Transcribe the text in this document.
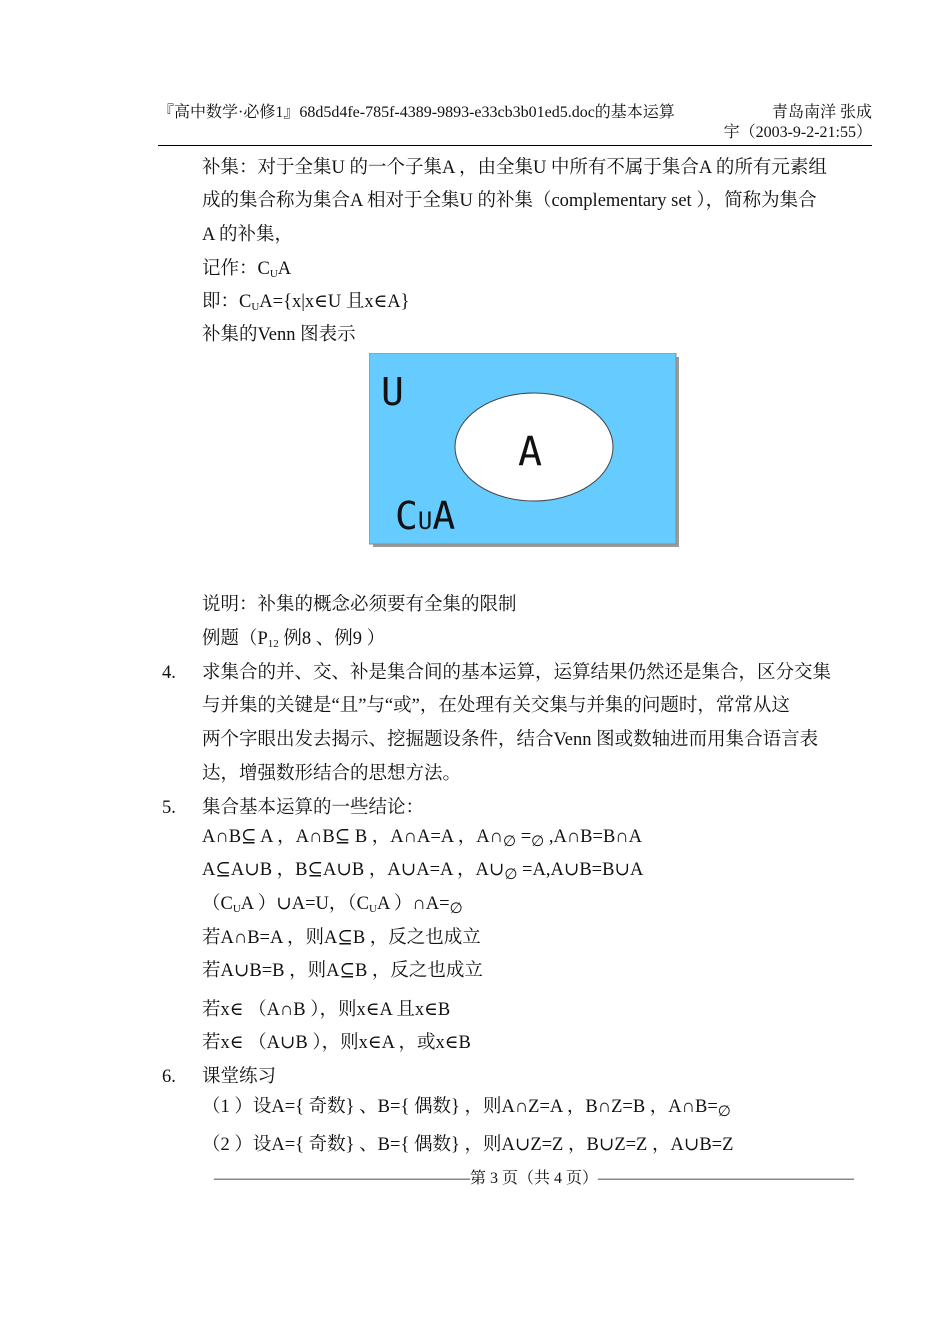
『高中数学·必修1』68d5d4fe-785f-4389-9893-e33cb3b01ed5.doc的基本运算	青岛南洋 张成
宇（2003-9-2-21:55）
补集：对于全集U 的一个子集A ，由全集U 中所有不属于集合A 的所有元素组
成的集合称为集合A 相对于全集U 的补集（complementary set ），简称为集合
A 的补集，
记作：$C_UA$
即：$C_UA=\{x|x\in U$ 且x∈A}
补集的Venn 图表示
U
A
CUA
说明：补集的概念必须要有全集的限制
例题（$P_{12}$ 例8 、例9 ）
4. 求集合的并、交、补是集合间的基本运算，运算结果仍然还是集合，区分交集
与并集的关键是“且”与“或”，在处理有关交集与并集的问题时，常常从这
两个字眼出发去揭示、挖掘题设条件，结合Venn 图或数轴进而用集合语言表
达，增强数形结合的思想方法。
5. 集合基本运算的一些结论：
A∩B⊆ A ，A∩B⊆ B ，A∩A=A ，$A\cap_\emptyset =_\emptyset$ ,A∩B=B∩A
A⊆A∪B ，B⊆A∪B ，A∪A=A ，$A\cup_\emptyset$ =A,A∪B=B∪A
（$C_UA$ ）∪A=U，（$C_UA$ ）$\cap A=_\emptyset$
若A∩B=A ，则A⊆B ，反之也成立
若A∪B=B ，则A⊆B ，反之也成立
若x∈ （A∩B ），则x∈A 且x∈B
若x∈ （A∪B ），则x∈A ，或x∈B
6. 课堂练习
（1 ）设A={ 奇数} 、B={ 偶数} ，则A∩Z=A ，B∩Z=B ，$A\cap B=_\emptyset$
（2 ）设A={ 奇数} 、B={ 偶数} ，则A∪Z=Z ，B∪Z=Z ，A∪B=Z
————————————————第 3 页（共 4 页）————————————————
